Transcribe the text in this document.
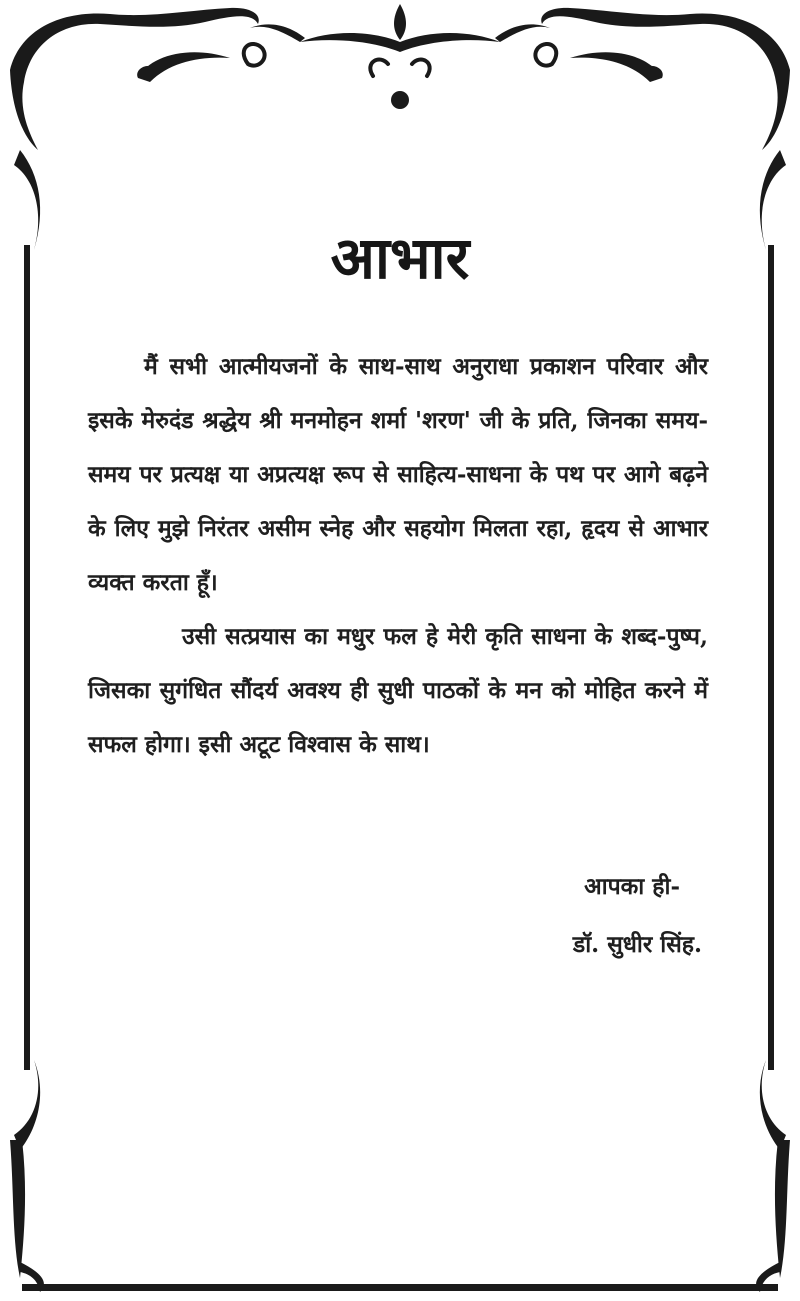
आभार

मैं सभी आत्मीयजनों के साथ-साथ अनुराधा प्रकाशन परिवार और इसके मेरुदंड श्रद्धेय श्री मनमोहन शर्मा 'शरण' जी के प्रति, जिनका समय-समय पर प्रत्यक्ष या अप्रत्यक्ष रूप से साहित्य-साधना के पथ पर आगे बढ़ने के लिए मुझे निरंतर असीम स्नेह और सहयोग मिलता रहा, हृदय से आभार व्यक्त करता हूँ।

उसी सत्प्रयास का मधुर फल हे मेरी कृति साधना के शब्द-पुष्प, जिसका सुगंधित सौंदर्य अवश्य ही सुधी पाठकों के मन को मोहित करने में सफल होगा। इसी अटूट विश्वास के साथ।

आपका ही-
डॉ. सुधीर सिंह.
